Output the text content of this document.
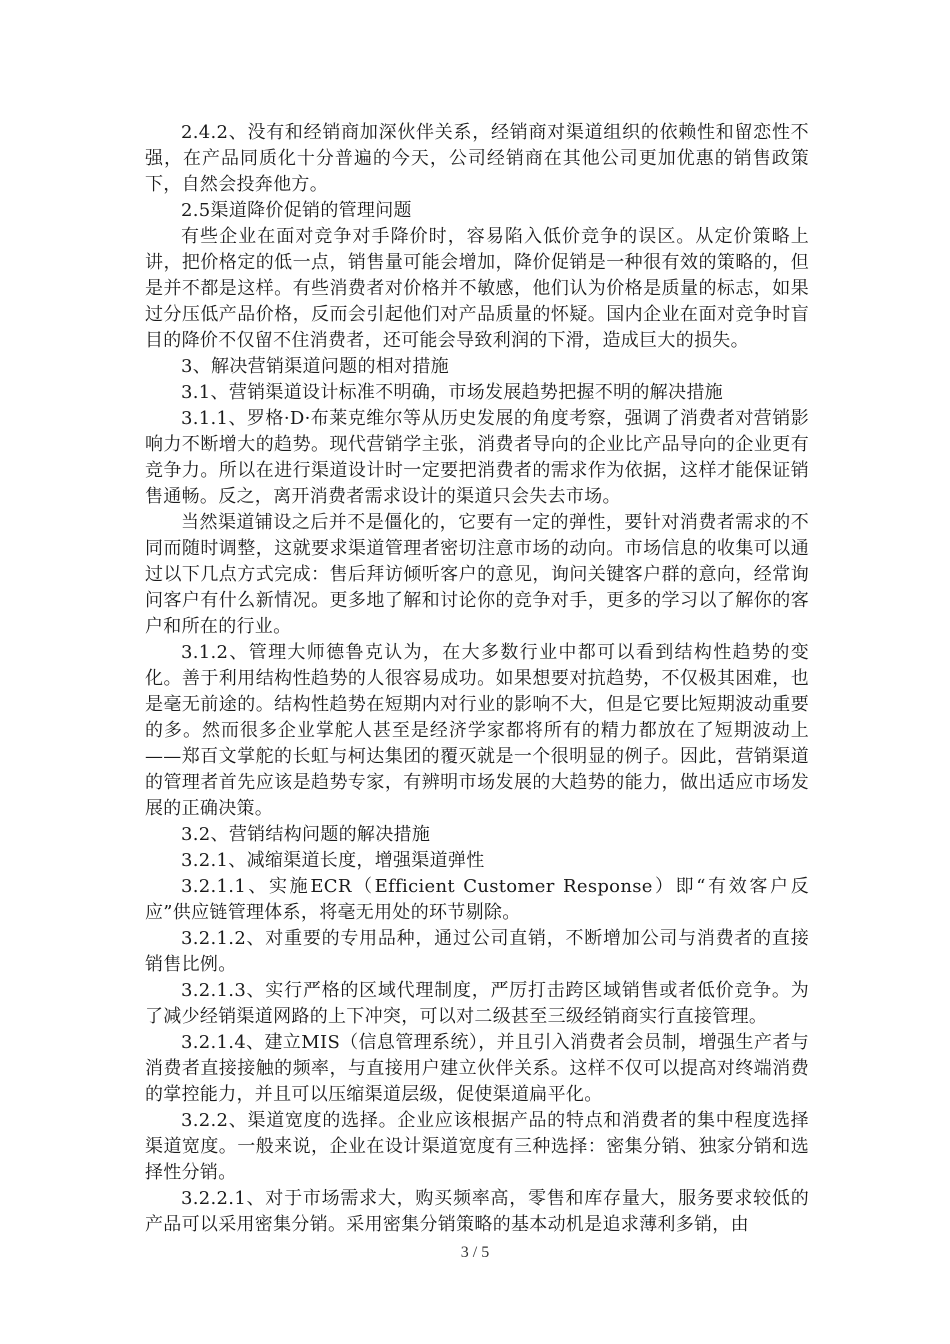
2.4.2、没有和经销商加深伙伴关系，经销商对渠道组织的依赖性和留恋性不强，在产品同质化十分普遍的今天，公司经销商在其他公司更加优惠的销售政策下，自然会投奔他方。

2.5渠道降价促销的管理问题

有些企业在面对竞争对手降价时，容易陷入低价竞争的误区。从定价策略上讲，把价格定的低一点，销售量可能会增加，降价促销是一种很有效的策略的，但是并不都是这样。有些消费者对价格并不敏感，他们认为价格是质量的标志，如果过分压低产品价格，反而会引起他们对产品质量的怀疑。国内企业在面对竞争时盲目的降价不仅留不住消费者，还可能会导致利润的下滑，造成巨大的损失。

3、解决营销渠道问题的相对措施

3.1、营销渠道设计标准不明确，市场发展趋势把握不明的解决措施

3.1.1、罗格·D·布莱克维尔等从历史发展的角度考察，强调了消费者对营销影响力不断增大的趋势。现代营销学主张，消费者导向的企业比产品导向的企业更有竞争力。所以在进行渠道设计时一定要把消费者的需求作为依据，这样才能保证销售通畅。反之，离开消费者需求设计的渠道只会失去市场。

当然渠道铺设之后并不是僵化的，它要有一定的弹性，要针对消费者需求的不同而随时调整，这就要求渠道管理者密切注意市场的动向。市场信息的收集可以通过以下几点方式完成：售后拜访倾听客户的意见，询问关键客户群的意向，经常询问客户有什么新情况。更多地了解和讨论你的竞争对手，更多的学习以了解你的客户和所在的行业。

3.1.2、管理大师德鲁克认为，在大多数行业中都可以看到结构性趋势的变化。善于利用结构性趋势的人很容易成功。如果想要对抗趋势，不仅极其困难，也是毫无前途的。结构性趋势在短期内对行业的影响不大，但是它要比短期波动重要的多。然而很多企业掌舵人甚至是经济学家都将所有的精力都放在了短期波动上——郑百文掌舵的长虹与柯达集团的覆灭就是一个很明显的例子。因此，营销渠道的管理者首先应该是趋势专家，有辨明市场发展的大趋势的能力，做出适应市场发展的正确决策。

3.2、营销结构问题的解决措施

3.2.1、减缩渠道长度，增强渠道弹性

3.2.1.1、实施ECR（Efficient Customer Response）即“有效客户反应”供应链管理体系，将毫无用处的环节剔除。

3.2.1.2、对重要的专用品种，通过公司直销，不断增加公司与消费者的直接销售比例。

3.2.1.3、实行严格的区域代理制度，严厉打击跨区域销售或者低价竞争。为了减少经销渠道网路的上下冲突，可以对二级甚至三级经销商实行直接管理。

3.2.1.4、建立MIS（信息管理系统），并且引入消费者会员制，增强生产者与消费者直接接触的频率，与直接用户建立伙伴关系。这样不仅可以提高对终端消费的掌控能力，并且可以压缩渠道层级，促使渠道扁平化。

3.2.2、渠道宽度的选择。企业应该根据产品的特点和消费者的集中程度选择渠道宽度。一般来说，企业在设计渠道宽度有三种选择：密集分销、独家分销和选择性分销。

3.2.2.1、对于市场需求大，购买频率高，零售和库存量大，服务要求较低的产品可以采用密集分销。采用密集分销策略的基本动机是追求薄利多销，由

3 / 5
